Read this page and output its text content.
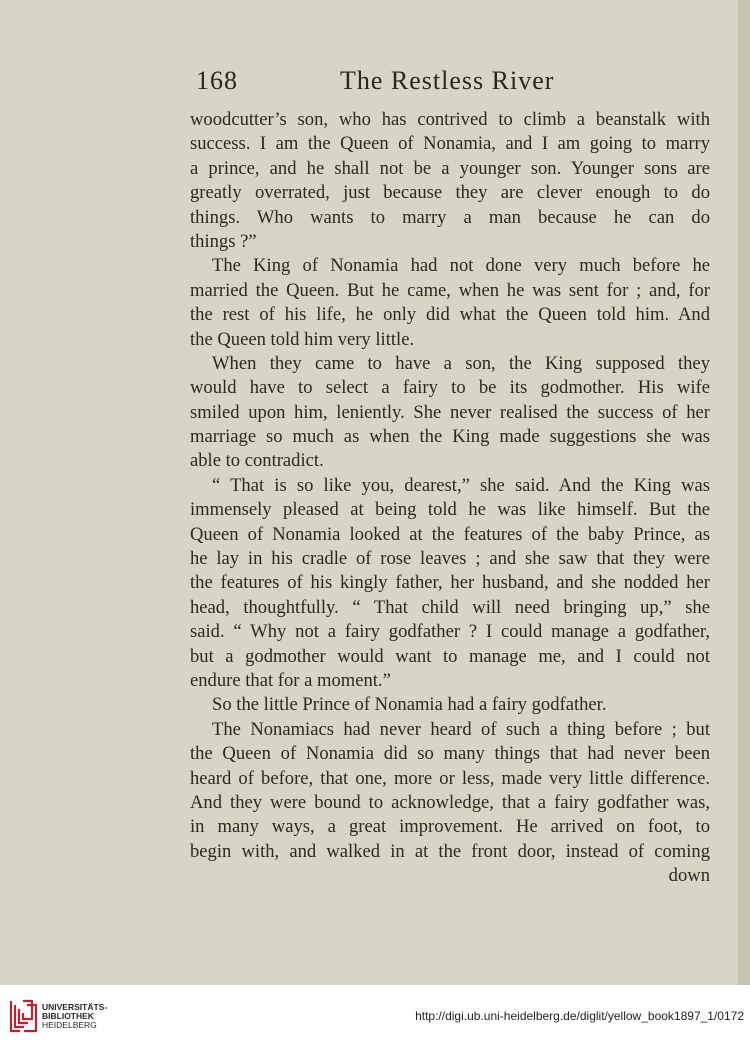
168	The Restless River
woodcutter’s son, who has contrived to climb a beanstalk with
success. I am the Queen of Nonamia, and I am going to marry
a prince, and he shall not be a younger son. Younger sons are
greatly overrated, just because they are clever enough to do
things. Who wants to marry a man because he can do
things ?”
The King of Nonamia had not done very much before he
married the Queen. But he came, when he was sent for ; and, for
the rest of his life, he only did what the Queen told him. And
the Queen told him very little.
When they came to have a son, the King supposed they
would have to select a fairy to be its godmother. His wife
smiled upon him, leniently. She never realised the success of her
marriage so much as when the King made suggestions she was
able to contradict.
“ That is so like you, dearest,” she said. And the King was
immensely pleased at being told he was like himself. But the
Queen of Nonamia looked at the features of the baby Prince, as
he lay in his cradle of rose leaves ; and she saw that they were
the features of his kingly father, her husband, and she nodded her
head, thoughtfully. “ That child will need bringing up,” she
said. “ Why not a fairy godfather ? I could manage a godfather,
but a godmother would want to manage me, and I could not
endure that for a moment.”
So the little Prince of Nonamia had a fairy godfather.
The Nonamiacs had never heard of such a thing before ; but
the Queen of Nonamia did so many things that had never been
heard of before, that one, more or less, made very little difference.
And they were bound to acknowledge, that a fairy godfather was,
in many ways, a great improvement. He arrived on foot, to
begin with, and walked in at the front door, instead of coming
down
UNIVERSITÄTS-
BIBLIOTHEK
HEIDELBERG
http://digi.ub.uni-heidelberg.de/diglit/yellow_book1897_1/0172
